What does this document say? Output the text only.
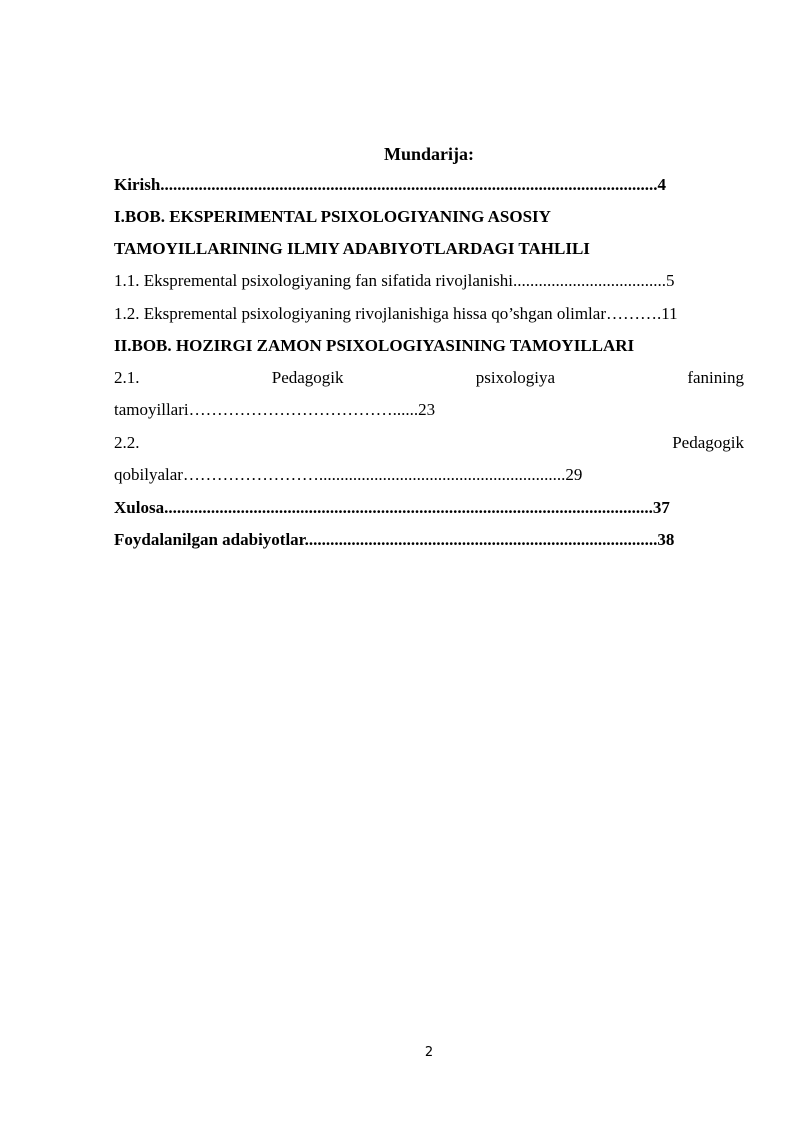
Mundarija:
Kirish.....................................................................................................................4
I.BOB. EKSPERIMENTAL PSIXOLOGIYANING ASOSIY
TAMOYILLARINING ILMIY ADABIYOTLARDAGI TAHLILI
1.1. Ekspremental psixologiyaning fan sifatida rivojlanishi....................................5
1.2. Ekspremental psixologiyaning rivojlanishiga hissa qo’shgan olimlar……….11
II.BOB. HOZIRGI ZAMON PSIXOLOGIYASINING TAMOYILLARI
2.1.	Pedagogik	psixologiya	fanining
tamoyillari………………………………......23
2.2.	Pedagogik
qobilyalar……………………..........................................................29
Xulosa...................................................................................................................37
Foydalanilgan adabiyotlar...................................................................................38
2
